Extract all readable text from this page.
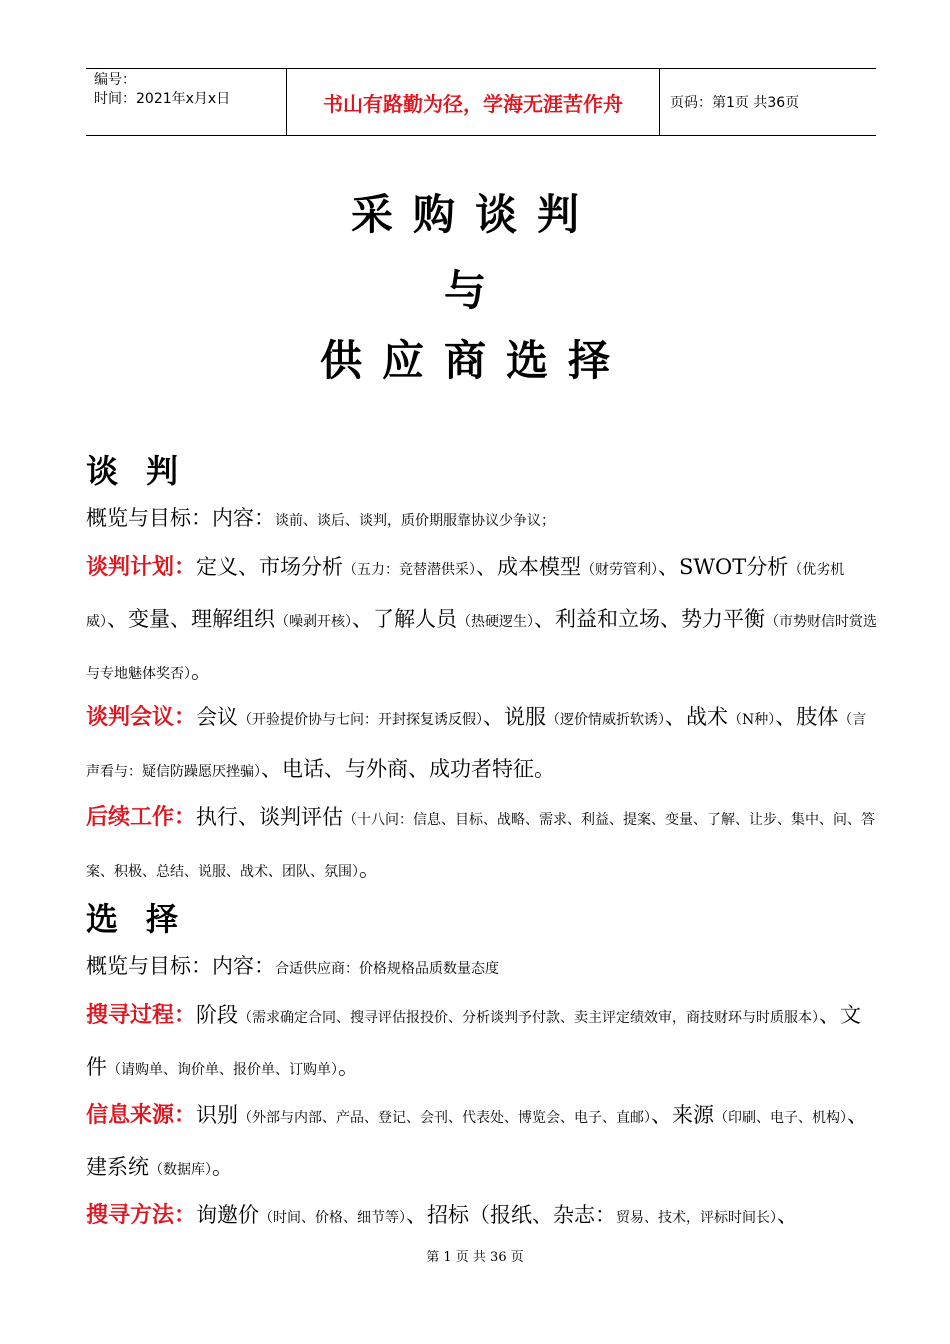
编号：
时间：2021年x月x日	书山有路勤为径，学海无涯苦作舟	页码：第1页 共36页
采购谈判
与
供应商选择
谈判
概览与目标：内容：谈前、谈后、谈判，质价期服靠协议少争议；
谈判计划：定义、市场分析（五力：竞替潜供采）、成本模型（财劳管利）、SWOT分析（优劣机威）、变量、理解组织（噪剥开核）、了解人员（热硬逻生）、利益和立场、势力平衡（市势财信时赏选与专地魅体奖否）。
谈判会议：会议（开验提价协与七问：开封探复诱反假）、说服（逻价情威折软诱）、战术（N种）、肢体（言声看与：疑信防躁愿厌挫骗）、电话、与外商、成功者特征。
后续工作：执行、谈判评估（十八问：信息、目标、战略、需求、利益、提案、变量、了解、让步、集中、问、答案、积极、总结、说服、战术、团队、氛围）。
选择
概览与目标：内容：合适供应商：价格规格品质数量态度
搜寻过程：阶段（需求确定合同、搜寻评估报投价、分析谈判予付款、卖主评定绩效审，商技财环与时质服本）、文件（请购单、询价单、报价单、订购单）。
信息来源：识别（外部与内部、产品、登记、会刊、代表处、博览会、电子、直邮）、来源（印刷、电子、机构）、建系统（数据库）。
搜寻方法：询邀价（时间、价格、细节等）、招标（报纸、杂志：贸易、技术，评标时间长）、
第 1 页 共 36 页
